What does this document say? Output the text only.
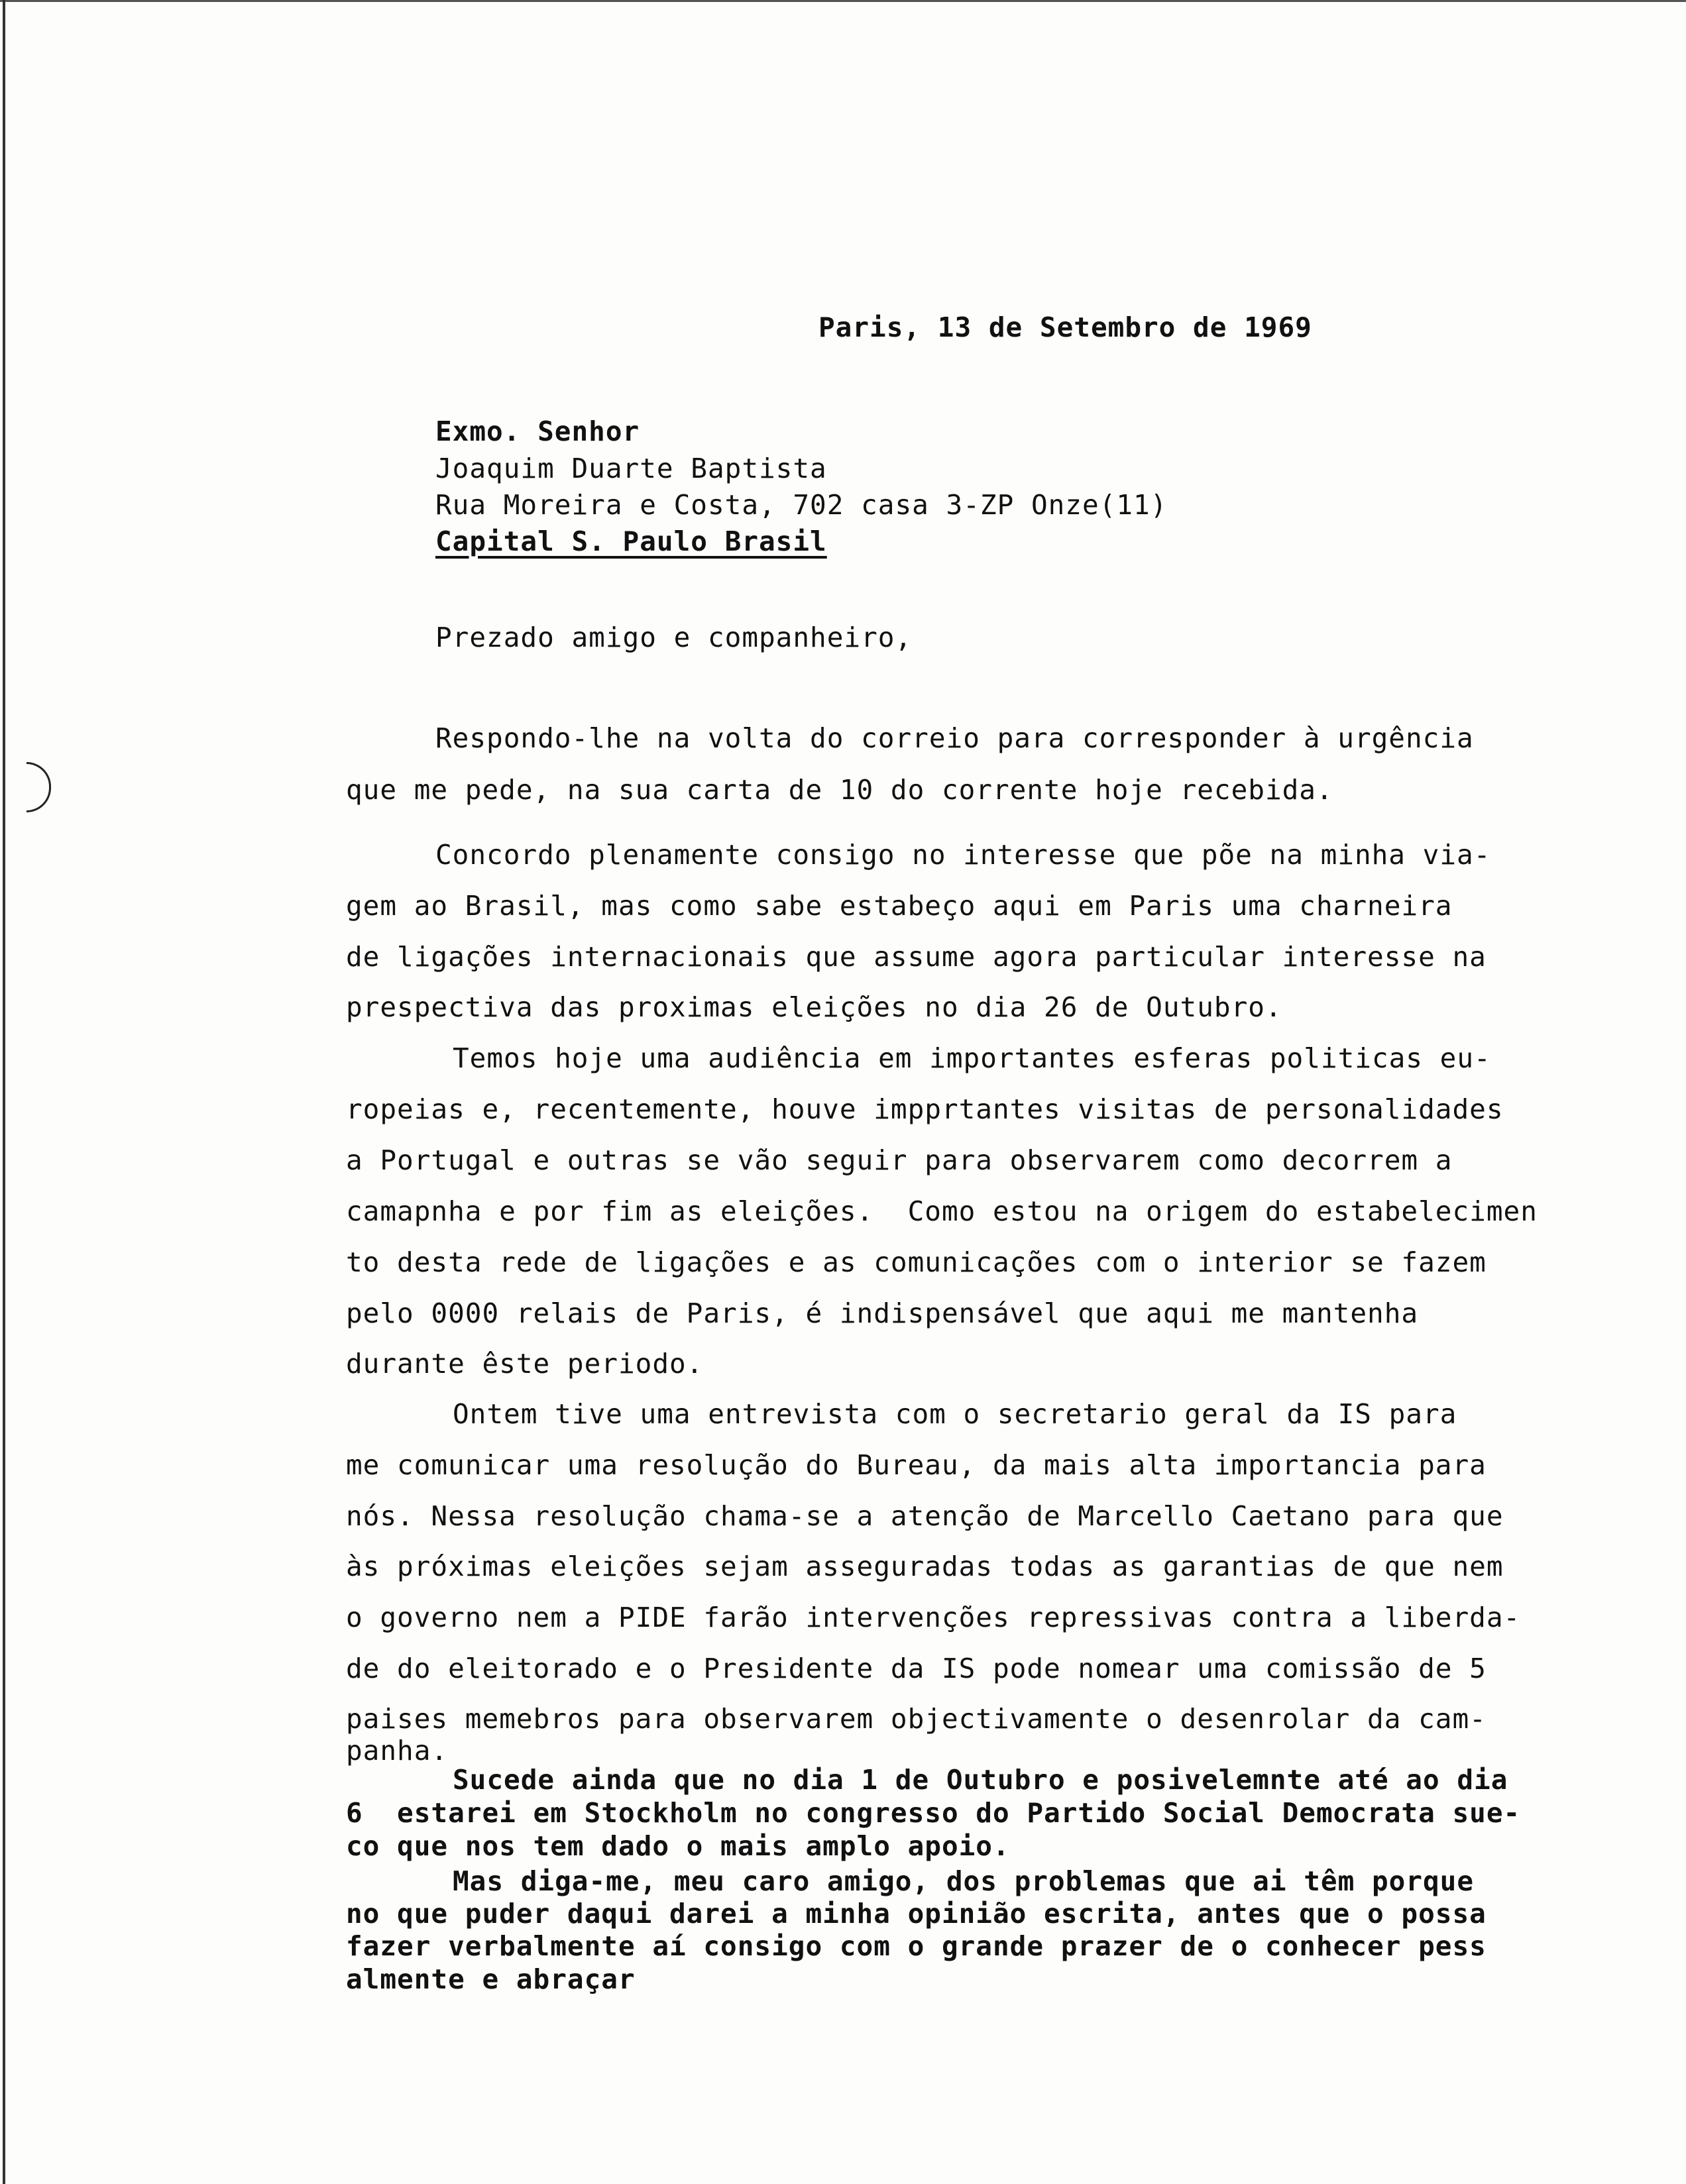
Paris, 13 de Setembro de 1969
Exmo. Senhor
Joaquim Duarte Baptista
Rua Moreira e Costa, 702 casa 3-ZP Onze(11)
Capital S. Paulo Brasil
Prezado amigo e companheiro,
Respondo-lhe na volta do correio para corresponder à urgência
que me pede, na sua carta de 10 do corrente hoje recebida.
Concordo plenamente consigo no interesse que põe na minha via-
gem ao Brasil, mas como sabe estabeço aqui em Paris uma charneira
de ligações internacionais que assume agora particular interesse na
prespectiva das proximas eleições no dia 26 de Outubro.
Temos hoje uma audiência em importantes esferas politicas eu-
ropeias e, recentemente, houve impprtantes visitas de personalidades
a Portugal e outras se vão seguir para observarem como decorrem a
camapnha e por fim as eleições.  Como estou na origem do estabelecimen
to desta rede de ligações e as comunicações com o interior se fazem
pelo 0000 relais de Paris, é indispensável que aqui me mantenha
durante êste periodo.
Ontem tive uma entrevista com o secretario geral da IS para
me comunicar uma resolução do Bureau, da mais alta importancia para
nós. Nessa resolução chama-se a atenção de Marcello Caetano para que
às próximas eleições sejam asseguradas todas as garantias de que nem
o governo nem a PIDE farão intervenções repressivas contra a liberda-
de do eleitorado e o Presidente da IS pode nomear uma comissão de 5
paises memebros para observarem objectivamente o desenrolar da cam-
panha.
Sucede ainda que no dia 1 de Outubro e posivelemnte até ao dia
6  estarei em Stockholm no congresso do Partido Social Democrata sue-
co que nos tem dado o mais amplo apoio.
Mas diga-me, meu caro amigo, dos problemas que ai têm porque
no que puder daqui darei a minha opinião escrita, antes que o possa
fazer verbalmente aí consigo com o grande prazer de o conhecer pess
almente e abraçar
